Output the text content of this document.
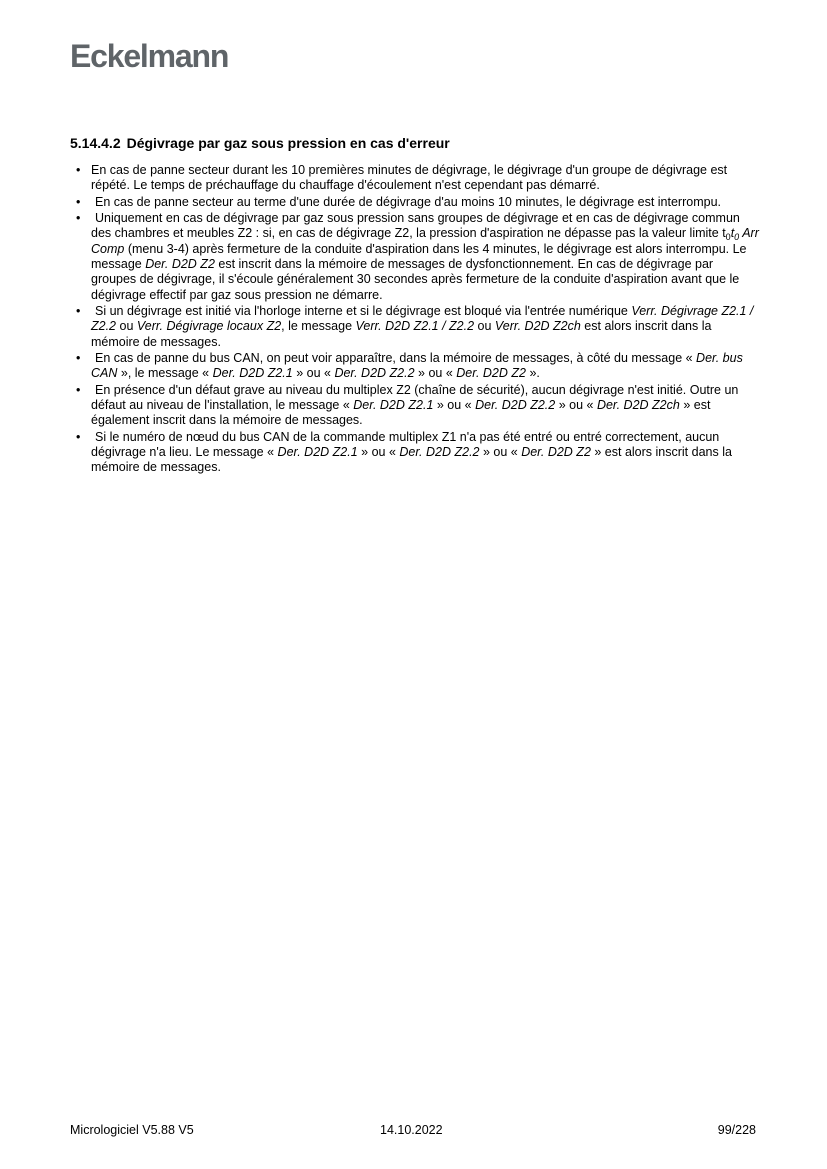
Eckelmann
5.14.4.2 Dégivrage par gaz sous pression en cas d'erreur
• En cas de panne secteur durant les 10 premières minutes de dégivrage, le dégivrage d'un groupe de dégivrage est répété. Le temps de préchauffage du chauffage d'écoulement n'est cependant pas démarré.
• En cas de panne secteur au terme d'une durée de dégivrage d'au moins 10 minutes, le dégivrage est interrompu.
• Uniquement en cas de dégivrage par gaz sous pression sans groupes de dégivrage et en cas de dégivrage commun des chambres et meubles Z2 : si, en cas de dégivrage Z2, la pression d'aspiration ne dépasse pas la valeur limite $t_0t_0$ Arr Comp (menu 3-4) après fermeture de la conduite d'aspiration dans les 4 minutes, le dégivrage est alors interrompu. Le message Der. D2D Z2 est inscrit dans la mémoire de messages de dysfonctionnement. En cas de dégivrage par groupes de dégivrage, il s'écoule généralement 30 secondes après fermeture de la conduite d'aspiration avant que le dégivrage effectif par gaz sous pression ne démarre.
• Si un dégivrage est initié via l'horloge interne et si le dégivrage est bloqué via l'entrée numérique Verr. Dégivrage Z2.1 / Z2.2 ou Verr. Dégivrage locaux Z2, le message Verr. D2D Z2.1 / Z2.2 ou Verr. D2D Z2ch est alors inscrit dans la mémoire de messages.
• En cas de panne du bus CAN, on peut voir apparaître, dans la mémoire de messages, à côté du message « Der. bus CAN », le message « Der. D2D Z2.1 » ou « Der. D2D Z2.2 » ou « Der. D2D Z2 ».
• En présence d'un défaut grave au niveau du multiplex Z2 (chaîne de sécurité), aucun dégivrage n'est initié. Outre un défaut au niveau de l'installation, le message « Der. D2D Z2.1 » ou « Der. D2D Z2.2 » ou « Der. D2D Z2ch » est également inscrit dans la mémoire de messages.
• Si le numéro de nœud du bus CAN de la commande multiplex Z1 n'a pas été entré ou entré correctement, aucun dégivrage n'a lieu. Le message « Der. D2D Z2.1 » ou « Der. D2D Z2.2 » ou « Der. D2D Z2 » est alors inscrit dans la mémoire de messages.
Micrologiciel V5.88 V5	14.10.2022	99/228
